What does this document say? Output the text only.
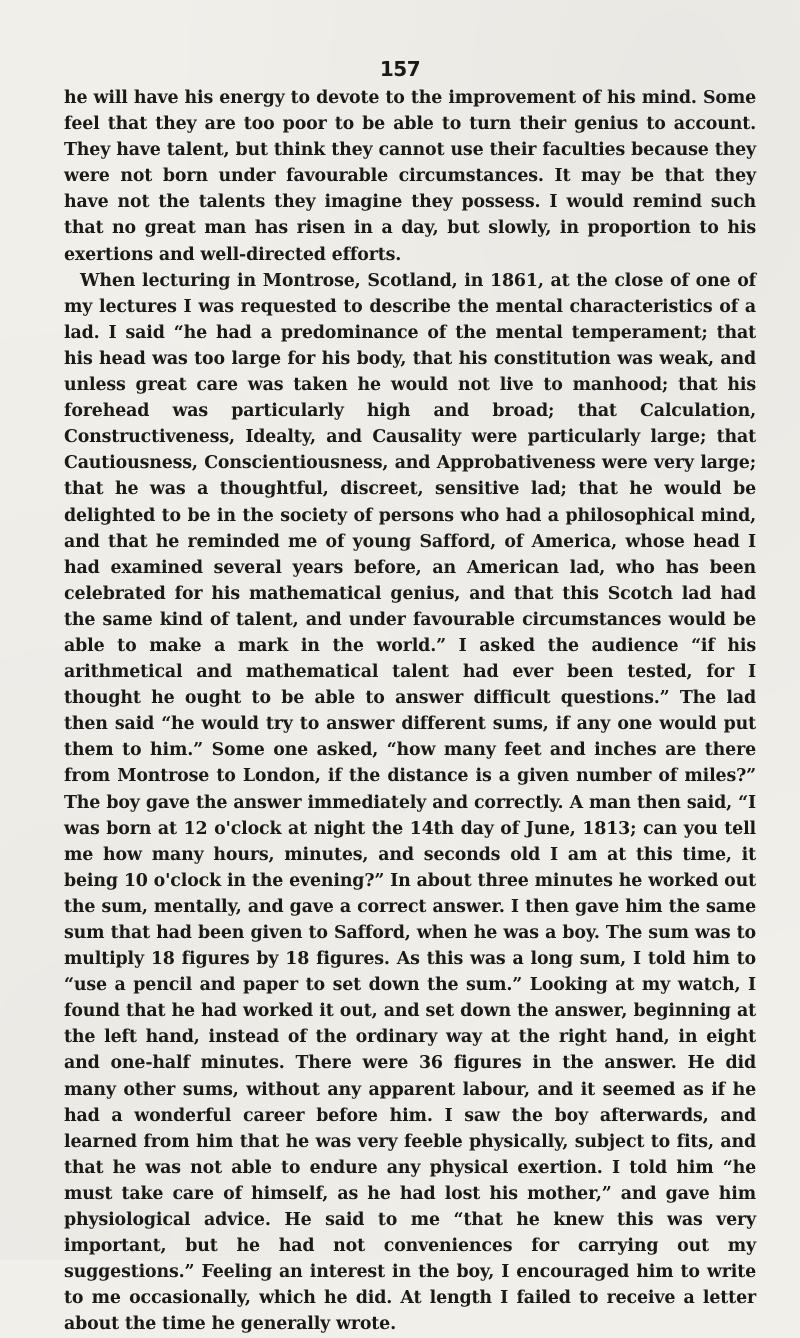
157

he will have his energy to devote to the improvement of his mind. Some feel that they are too poor to be able to turn their genius to account. They have talent, but think they cannot use their faculties because they were not born under favourable circumstances. It may be that they have not the talents they imagine they possess. I would remind such that no great man has risen in a day, but slowly, in proportion to his exertions and well-directed efforts.

When lecturing in Montrose, Scotland, in 1861, at the close of one of my lectures I was requested to describe the mental characteristics of a lad. I said “he had a predominance of the mental temperament; that his head was too large for his body, that his constitution was weak, and unless great care was taken he would not live to manhood; that his forehead was particularly high and broad; that Calculation, Constructiveness, Idealty, and Causality were particularly large; that Cautiousness, Conscientiousness, and Approbativeness were very large; that he was a thoughtful, discreet, sensitive lad; that he would be delighted to be in the society of persons who had a philosophical mind, and that he reminded me of young Safford, of America, whose head I had examined several years before, an American lad, who has been celebrated for his mathematical genius, and that this Scotch lad had the same kind of talent, and under favourable circumstances would be able to make a mark in the world.” I asked the audience “if his arithmetical and mathematical talent had ever been tested, for I thought he ought to be able to answer difficult questions.” The lad then said “he would try to answer different sums, if any one would put them to him.” Some one asked, “how many feet and inches are there from Montrose to London, if the distance is a given number of miles?” The boy gave the answer immediately and correctly. A man then said, “I was born at 12 o'clock at night the 14th day of June, 1813; can you tell me how many hours, minutes, and seconds old I am at this time, it being 10 o'clock in the evening?” In about three minutes he worked out the sum, mentally, and gave a correct answer. I then gave him the same sum that had been given to Safford, when he was a boy. The sum was to multiply 18 figures by 18 figures. As this was a long sum, I told him to “use a pencil and paper to set down the sum.” Looking at my watch, I found that he had worked it out, and set down the answer, beginning at the left hand, instead of the ordinary way at the right hand, in eight and one-half minutes. There were 36 figures in the answer. He did many other sums, without any apparent labour, and it seemed as if he had a wonderful career before him. I saw the boy afterwards, and learned from him that he was very feeble physically, subject to fits, and that he was not able to endure any physical exertion. I told him “he must take care of himself, as he had lost his mother,” and gave him physiological advice. He said to me “that he knew this was very important, but he had not conveniences for carrying out my suggestions.” Feeling an interest in the boy, I encouraged him to write to me occasionally, which he did. At length I failed to receive a letter about the time he generally wrote.
